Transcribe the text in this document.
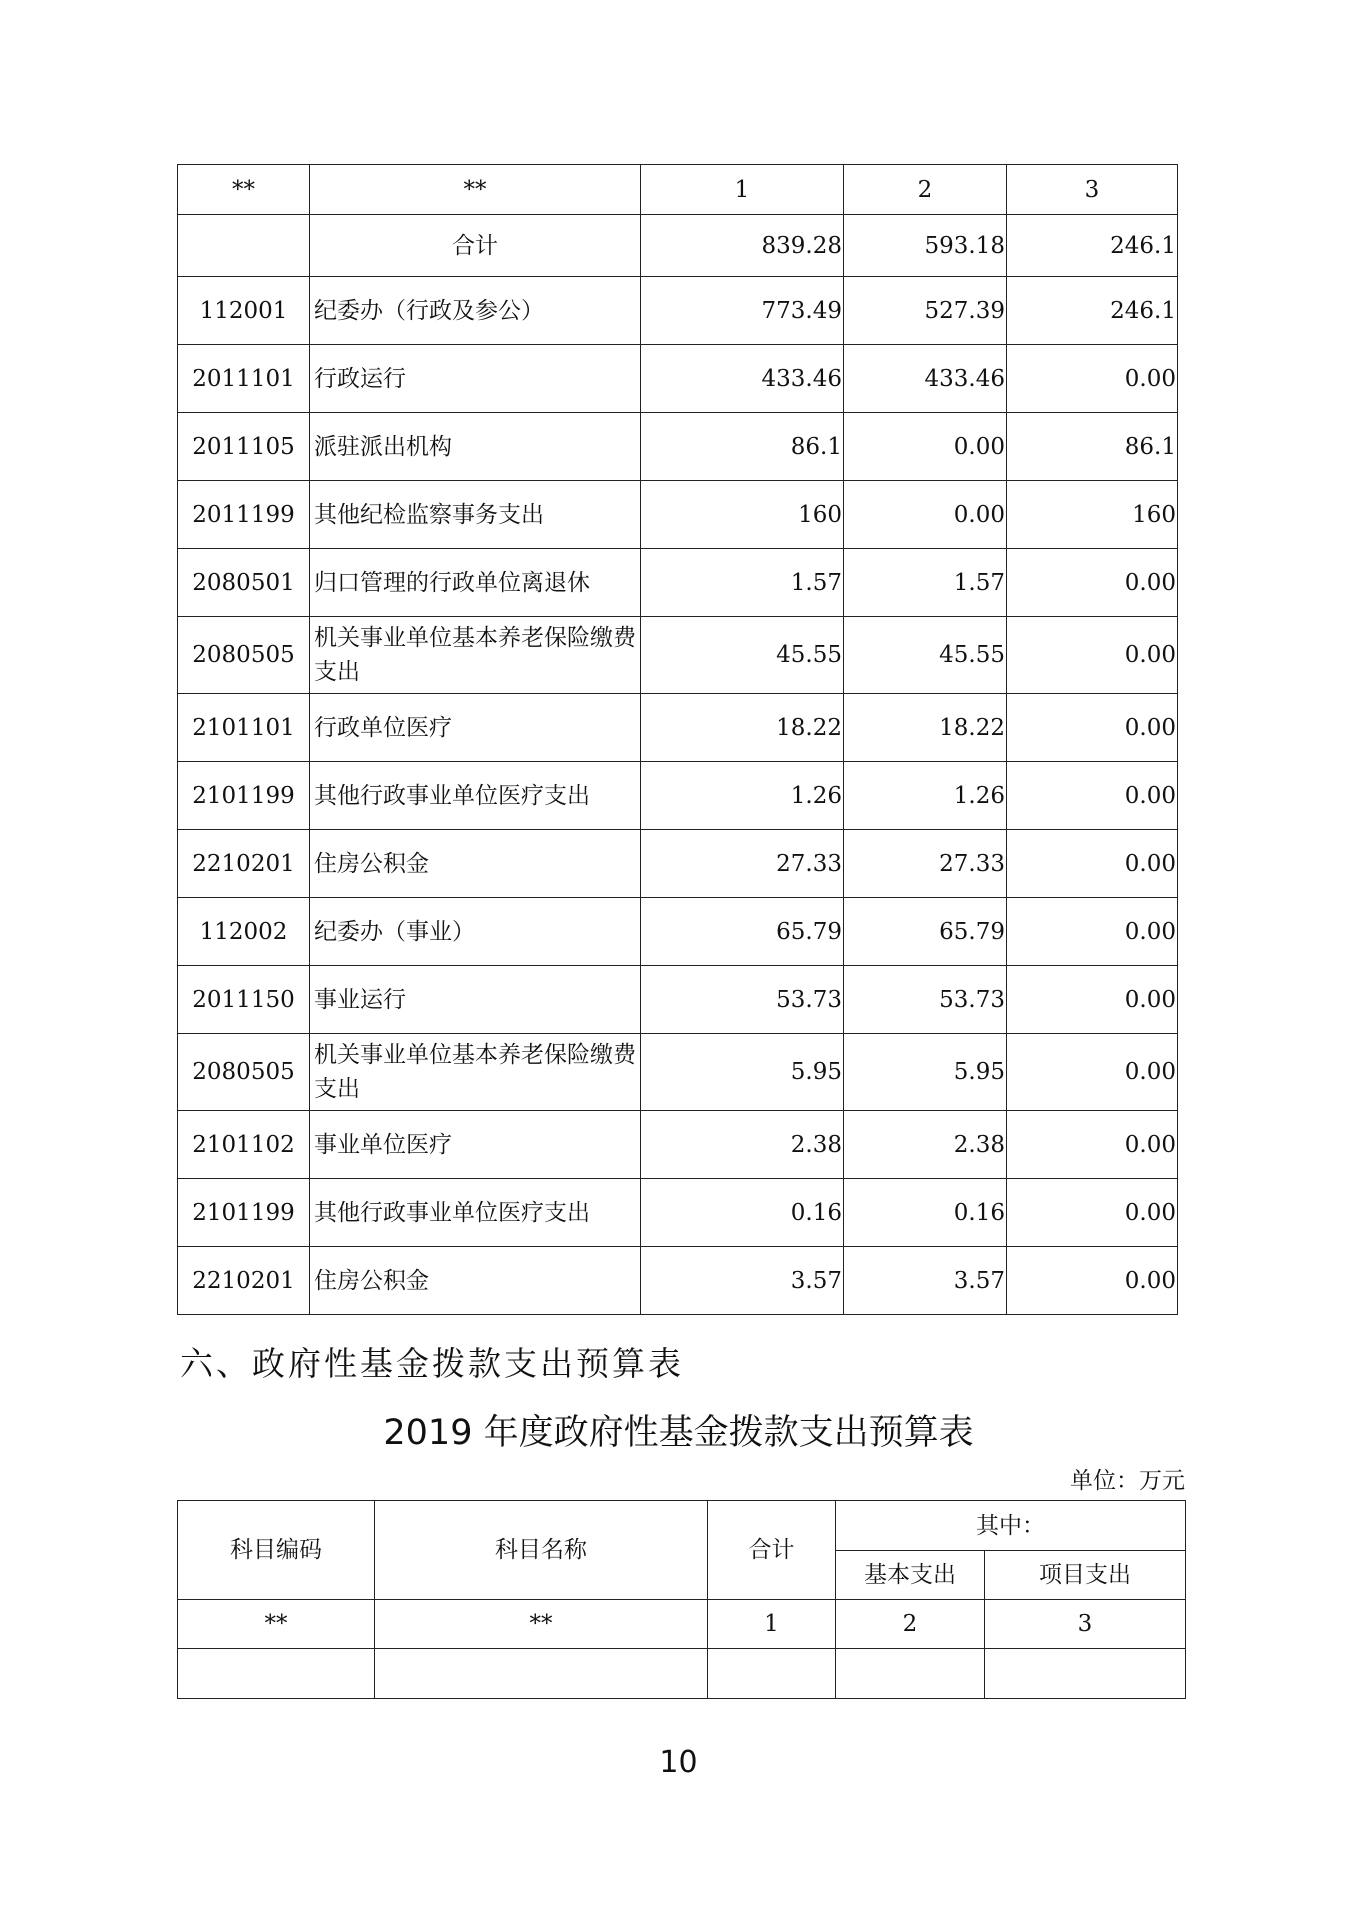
**	**	1	2	3
	合计	839.28	593.18	246.1
112001	纪委办（行政及参公）	773.49	527.39	246.1
2011101	行政运行	433.46	433.46	0.00
2011105	派驻派出机构	86.1	0.00	86.1
2011199	其他纪检监察事务支出	160	0.00	160
2080501	归口管理的行政单位离退休	1.57	1.57	0.00
2080505	机关事业单位基本养老保险缴费支出	45.55	45.55	0.00
2101101	行政单位医疗	18.22	18.22	0.00
2101199	其他行政事业单位医疗支出	1.26	1.26	0.00
2210201	住房公积金	27.33	27.33	0.00
112002	纪委办（事业）	65.79	65.79	0.00
2011150	事业运行	53.73	53.73	0.00
2080505	机关事业单位基本养老保险缴费支出	5.95	5.95	0.00
2101102	事业单位医疗	2.38	2.38	0.00
2101199	其他行政事业单位医疗支出	0.16	0.16	0.00
2210201	住房公积金	3.57	3.57	0.00
六、政府性基金拨款支出预算表
2019 年度政府性基金拨款支出预算表
单位：万元
科目编码	科目名称	合计	其中：	
			基本支出	项目支出
**	**	1	2	3

10
